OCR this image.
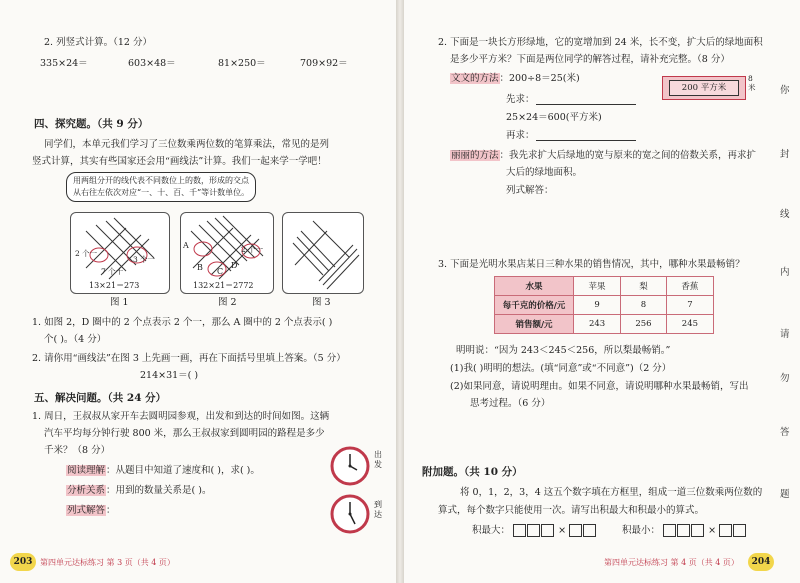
2. 列竖式计算。（12 分）
335×24＝	603×48＝	81×250＝	709×92＝
四、探究题。（共 9 分）
同学们，本单元我们学习了三位数乘两位数的笔算乘法，常见的是列
竖式计算，其实有些国家还会用“画线法”计算。我们一起来学一学吧！
用两组分开的线代表不同数位上的数，形成的交点
从右往左依次对应“一、十、百、千”等计数单位。
2 个一
7 个十
3 个一
13×21＝273
图 1
A
B C
D
2 个一
132×21＝2772
图 2	图 3
1. 如图 2，D 圈中的 2 个点表示 2 个一，那么 A 圈中的 2 个点表示( )
个( )。（4 分）
2. 请你用“画线法”在图 3 上先画一画，再在下面括号里填上答案。（5 分）
214×31＝( )
五、解决问题。（共 24 分）
1. 周日，王叔叔从家开车去圆明园参观，出发和到达的时间如图。这辆
汽车平均每分钟行驶 800 米，那么王叔叔家到圆明园的路程是多少
千米？（8 分）
阅读理解：从题目中知道了速度和( )，求( )。
分析关系：用到的数量关系是( )。
列式解答：
出发
到达
203 第四单元达标练习 第 3 页（共 4 页）
2. 下面是一块长方形绿地，它的宽增加到 24 米，长不变，扩大后的绿地面积
是多少平方米？下面是两位同学的解答过程，请补充完整。（8 分）
文文的方法：200÷8＝25(米)
200 平方米
8米
先求：
25×24＝600(平方米)
再求：
丽丽的方法：我先求扩大后绿地的宽与原来的宽之间的倍数关系，再求扩
大后的绿地面积。
列式解答：
3. 下面是光明水果店某日三种水果的销售情况，其中，哪种水果最畅销？
水果	苹果	梨	香蕉
每千克的价格/元	9	8	7
销售额/元	243	256	245
明明说：“因为 243＜245＜256，所以梨最畅销。”
(1)我( )明明的想法。(填“同意”或“不同意”)（2 分）
(2)如果同意，请说明理由。如果不同意，请说明哪种水果最畅销，写出
思考过程。（6 分）
附加题。（共 10 分）
将 0，1，2，3，4 这五个数字填在方框里，组成一道三位数乘两位数的
算式，每个数字只能使用一次。请写出积最大和积最小的算式。
积最大：	×	积最小：	×
第四单元达标练习 第 4 页（共 4 页）	204
你
封
线
内
请
勿
答
题
